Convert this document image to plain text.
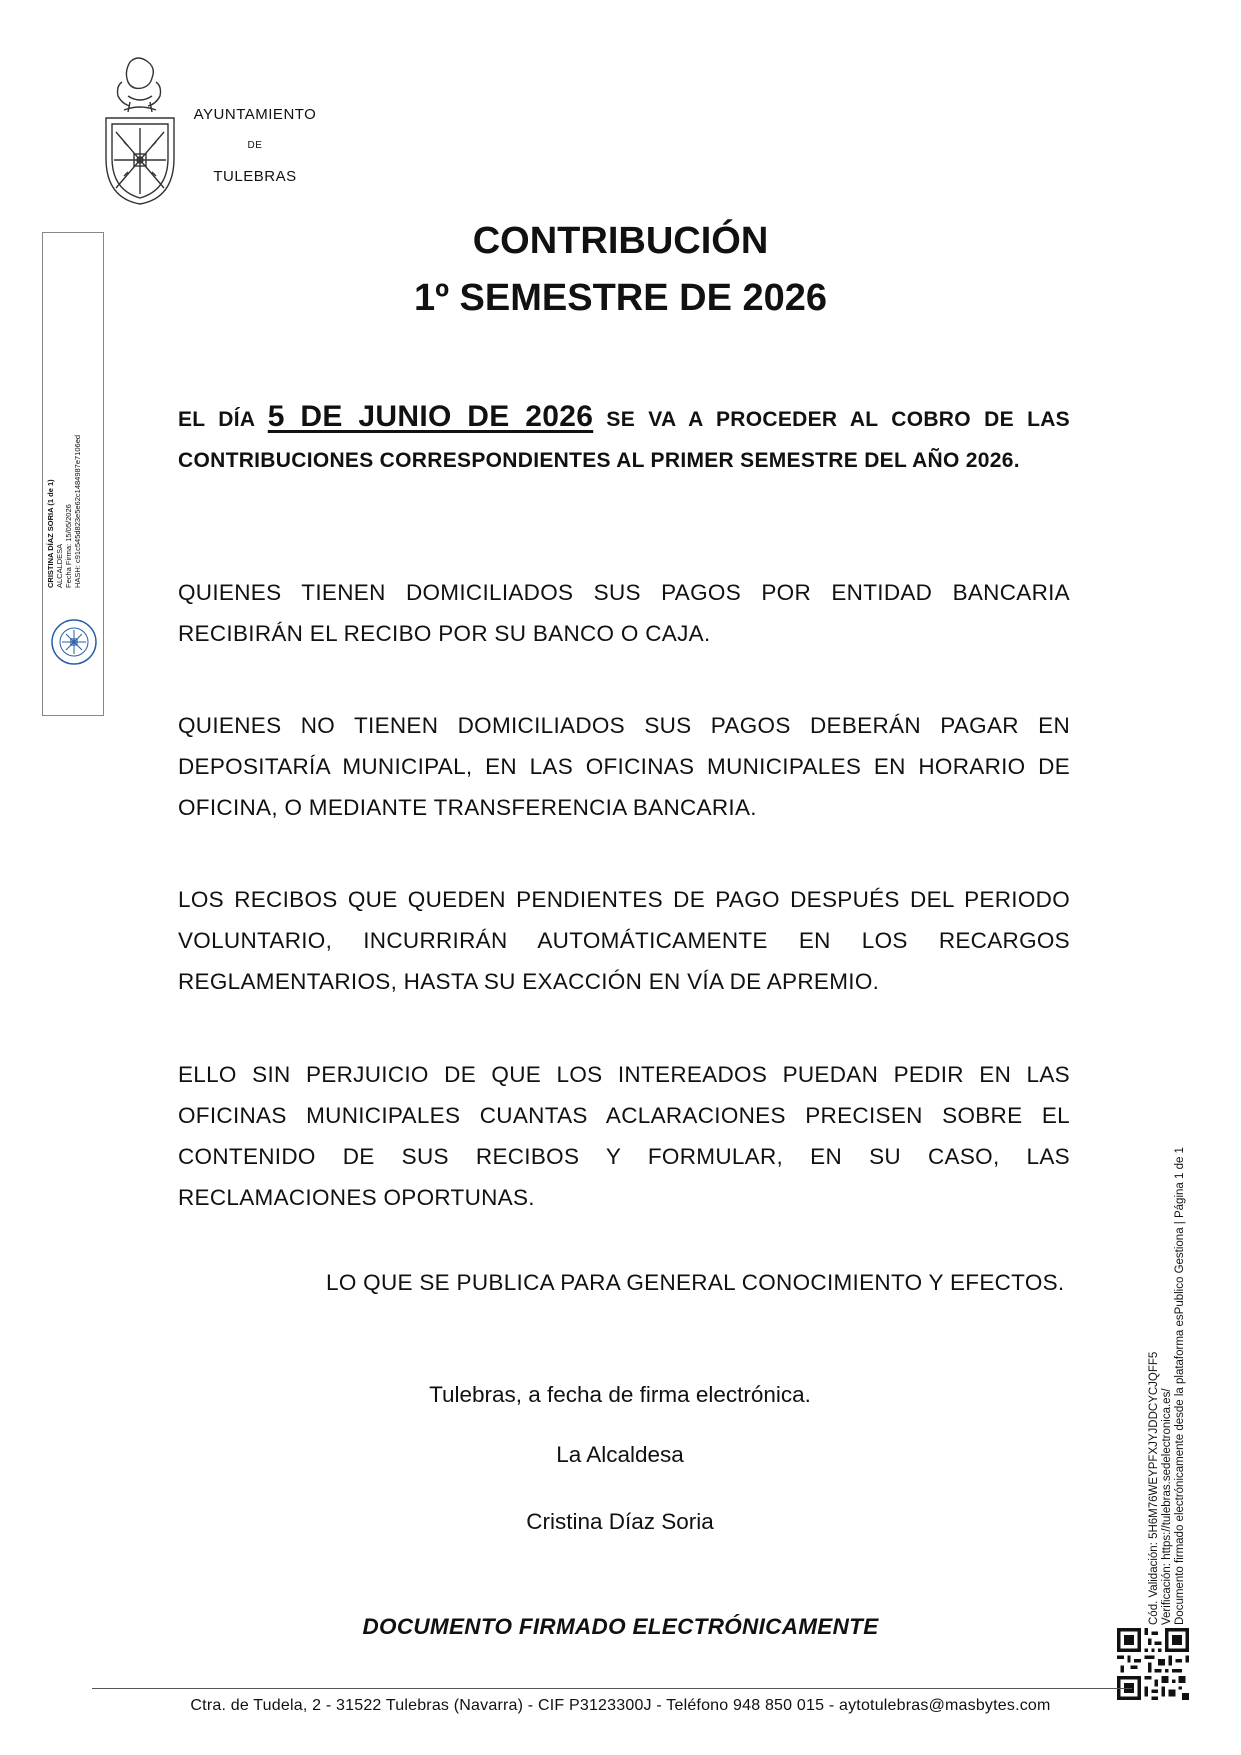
AYUNTAMIENTO
DE
TULEBRAS
CRISTINA DÍAZ SORIA (1 de 1) ALCALDESA Fecha Firma: 15/05/2026 HASH: c91c545d823e5e62c1484987e7106ed
CONTRIBUCIÓN
1º SEMESTRE DE 2026
EL DÍA 5 DE JUNIO DE 2026 SE VA A PROCEDER AL COBRO DE LAS CONTRIBUCIONES CORRESPONDIENTES AL PRIMER SEMESTRE DEL AÑO 2026.
QUIENES TIENEN DOMICILIADOS SUS PAGOS POR ENTIDAD BANCARIA RECIBIRÁN EL RECIBO POR SU BANCO O CAJA.
QUIENES NO TIENEN DOMICILIADOS SUS PAGOS DEBERÁN PAGAR EN DEPOSITARÍA MUNICIPAL, EN LAS OFICINAS MUNICIPALES EN HORARIO DE OFICINA, O MEDIANTE TRANSFERENCIA BANCARIA.
LOS RECIBOS QUE QUEDEN PENDIENTES DE PAGO DESPUÉS DEL PERIODO VOLUNTARIO, INCURRIRÁN AUTOMÁTICAMENTE EN LOS RECARGOS REGLAMENTARIOS, HASTA SU EXACCIÓN EN VÍA DE APREMIO.
ELLO SIN PERJUICIO DE QUE LOS INTEREADOS PUEDAN PEDIR EN LAS OFICINAS MUNICIPALES CUANTAS ACLARACIONES PRECISEN SOBRE EL CONTENIDO DE SUS RECIBOS Y FORMULAR, EN SU CASO, LAS RECLAMACIONES OPORTUNAS.
LO QUE SE PUBLICA PARA GENERAL CONOCIMIENTO Y EFECTOS.
Tulebras, a fecha de firma electrónica.
La Alcaldesa
Cristina Díaz Soria
DOCUMENTO FIRMADO ELECTRÓNICAMENTE
Cód. Validación: 5H6M76WEYPFXJYJDDCYCJQFF5 Verificación: https://tulebras.sedelectronica.es/ Documento firmado electrónicamente desde la plataforma esPublico Gestiona | Página 1 de 1
Ctra. de Tudela, 2 - 31522 Tulebras (Navarra) - CIF P3123300J - Teléfono 948 850 015 - aytotulebras@masbytes.com
